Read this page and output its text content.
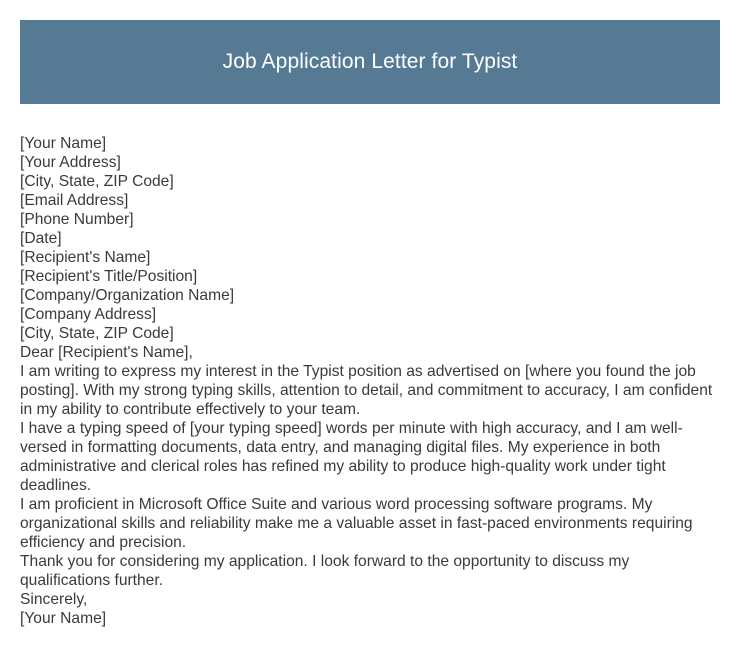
Job Application Letter for Typist

[Your Name]

[Your Address]

[City, State, ZIP Code]

[Email Address]

[Phone Number]

[Date]

[Recipient's Name]

[Recipient's Title/Position]

[Company/Organization Name]

[Company Address]

[City, State, ZIP Code]

Dear [Recipient's Name],

I am writing to express my interest in the Typist position as advertised on [where you found the job posting]. With my strong typing skills, attention to detail, and commitment to accuracy, I am confident in my ability to contribute effectively to your team.

I have a typing speed of [your typing speed] words per minute with high accuracy, and I am well-versed in formatting documents, data entry, and managing digital files. My experience in both administrative and clerical roles has refined my ability to produce high-quality work under tight deadlines.

I am proficient in Microsoft Office Suite and various word processing software programs. My organizational skills and reliability make me a valuable asset in fast-paced environments requiring efficiency and precision.

Thank you for considering my application. I look forward to the opportunity to discuss my qualifications further.

Sincerely,

[Your Name]
